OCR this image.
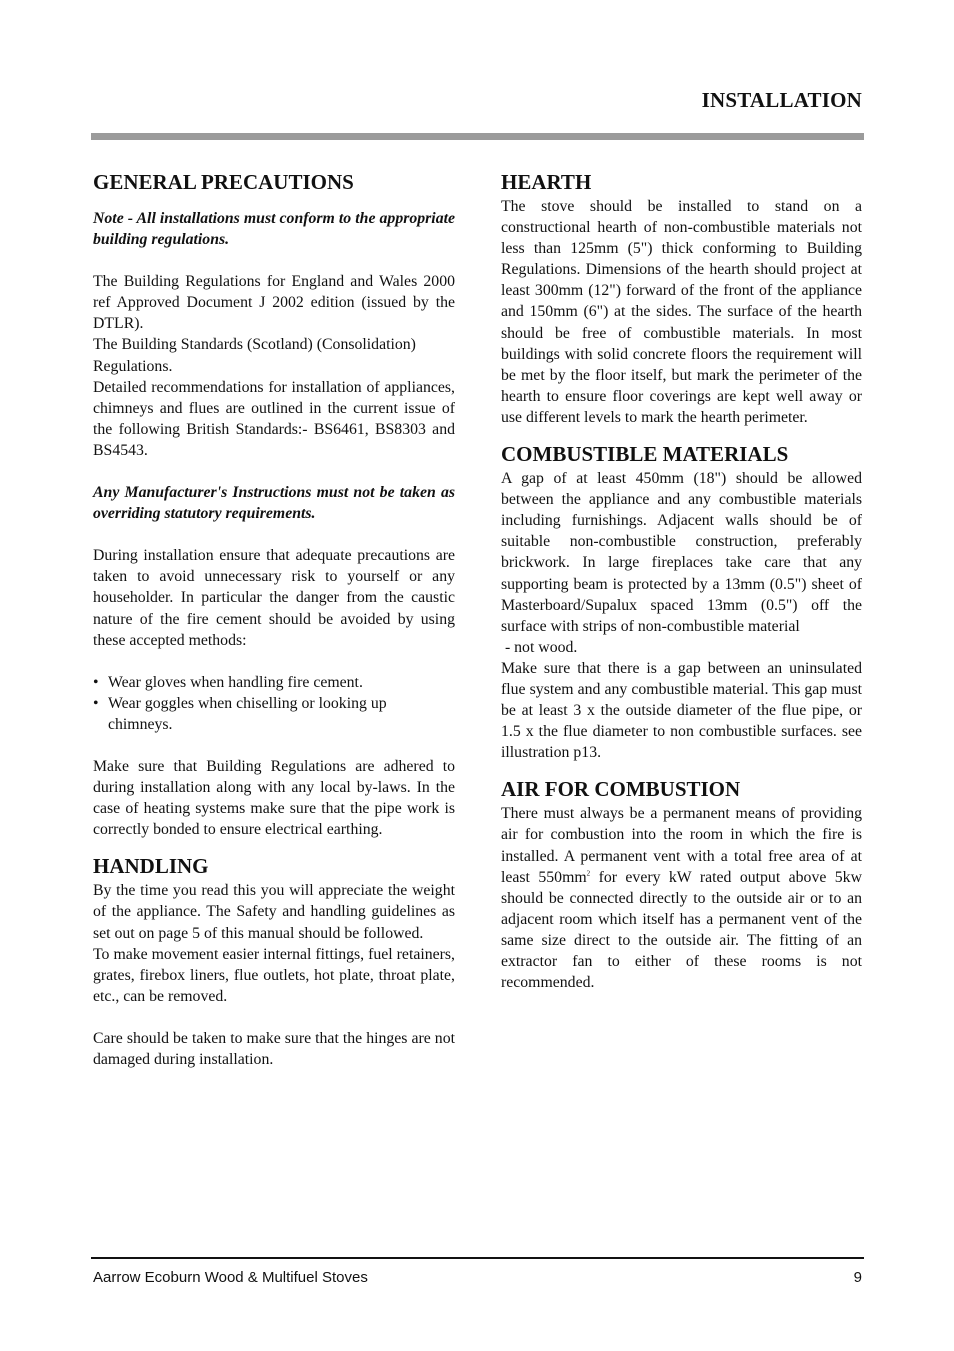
INSTALLATION
GENERAL PRECAUTIONS

Note - All installations must conform to the appropriate building regulations.

The Building Regulations for England and Wales 2000 ref Approved Document J 2002 edition (issued by the DTLR).

The Building Standards (Scotland) (Consolidation) Regulations.

Detailed recommendations for installation of appliances, chimneys and flues are outlined in the current issue of the following British Standards:- BS6461, BS8303 and BS4543.

Any Manufacturer's Instructions must not be taken as overriding statutory requirements.

During installation ensure that adequate precautions are taken to avoid unnecessary risk to yourself or any householder. In particular the danger from the caustic nature of the fire cement should be avoided by using these accepted methods:

• Wear gloves when handling fire cement.
• Wear goggles when chiselling or looking up chimneys.

Make sure that Building Regulations are adhered to during installation along with any local by-laws. In the case of heating systems make sure that the pipe work is correctly bonded to ensure electrical earthing.

HANDLING

By the time you read this you will appreciate the weight of the appliance. The Safety and handling guidelines as set out on page 5 of this manual should be followed.

To make movement easier internal fittings, fuel retainers, grates, firebox liners, flue outlets, hot plate, throat plate, etc., can be removed.

Care should be taken to make sure that the hinges are not damaged during installation.

HEARTH

The stove should be installed to stand on a constructional hearth of non-combustible materials not less than 125mm (5") thick conforming to Building Regulations. Dimensions of the hearth should project at least 300mm (12") forward of the front of the appliance and 150mm (6") at the sides. The surface of the hearth should be free of combustible materials. In most buildings with solid concrete floors the requirement will be met by the floor itself, but mark the perimeter of the hearth to ensure floor coverings are kept well away or use different levels to mark the hearth perimeter.

COMBUSTIBLE MATERIALS

A gap of at least 450mm (18") should be allowed between the appliance and any combustible materials including furnishings. Adjacent walls should be of suitable non-combustible construction, preferably brickwork. In large fireplaces take care that any supporting beam is protected by a 13mm (0.5") sheet of Masterboard/Supalux spaced 13mm (0.5") off the surface with strips of non-combustible material

- not wood.

Make sure that there is a gap between an uninsulated flue system and any combustible material. This gap must be at least 3 x the outside diameter of the flue pipe, or 1.5 x the flue diameter to non combustible surfaces. see illustration p13.

AIR FOR COMBUSTION

There must always be a permanent means of providing air for combustion into the room in which the fire is installed. A permanent vent with a total free area of at least $550mm^2$ for every kW rated output above 5kw should be connected directly to the outside air or to an adjacent room which itself has a permanent vent of the same size direct to the outside air. The fitting of an extractor fan to either of these rooms is not recommended.

Aarrow Ecoburn Wood & Multifuel Stoves	9
